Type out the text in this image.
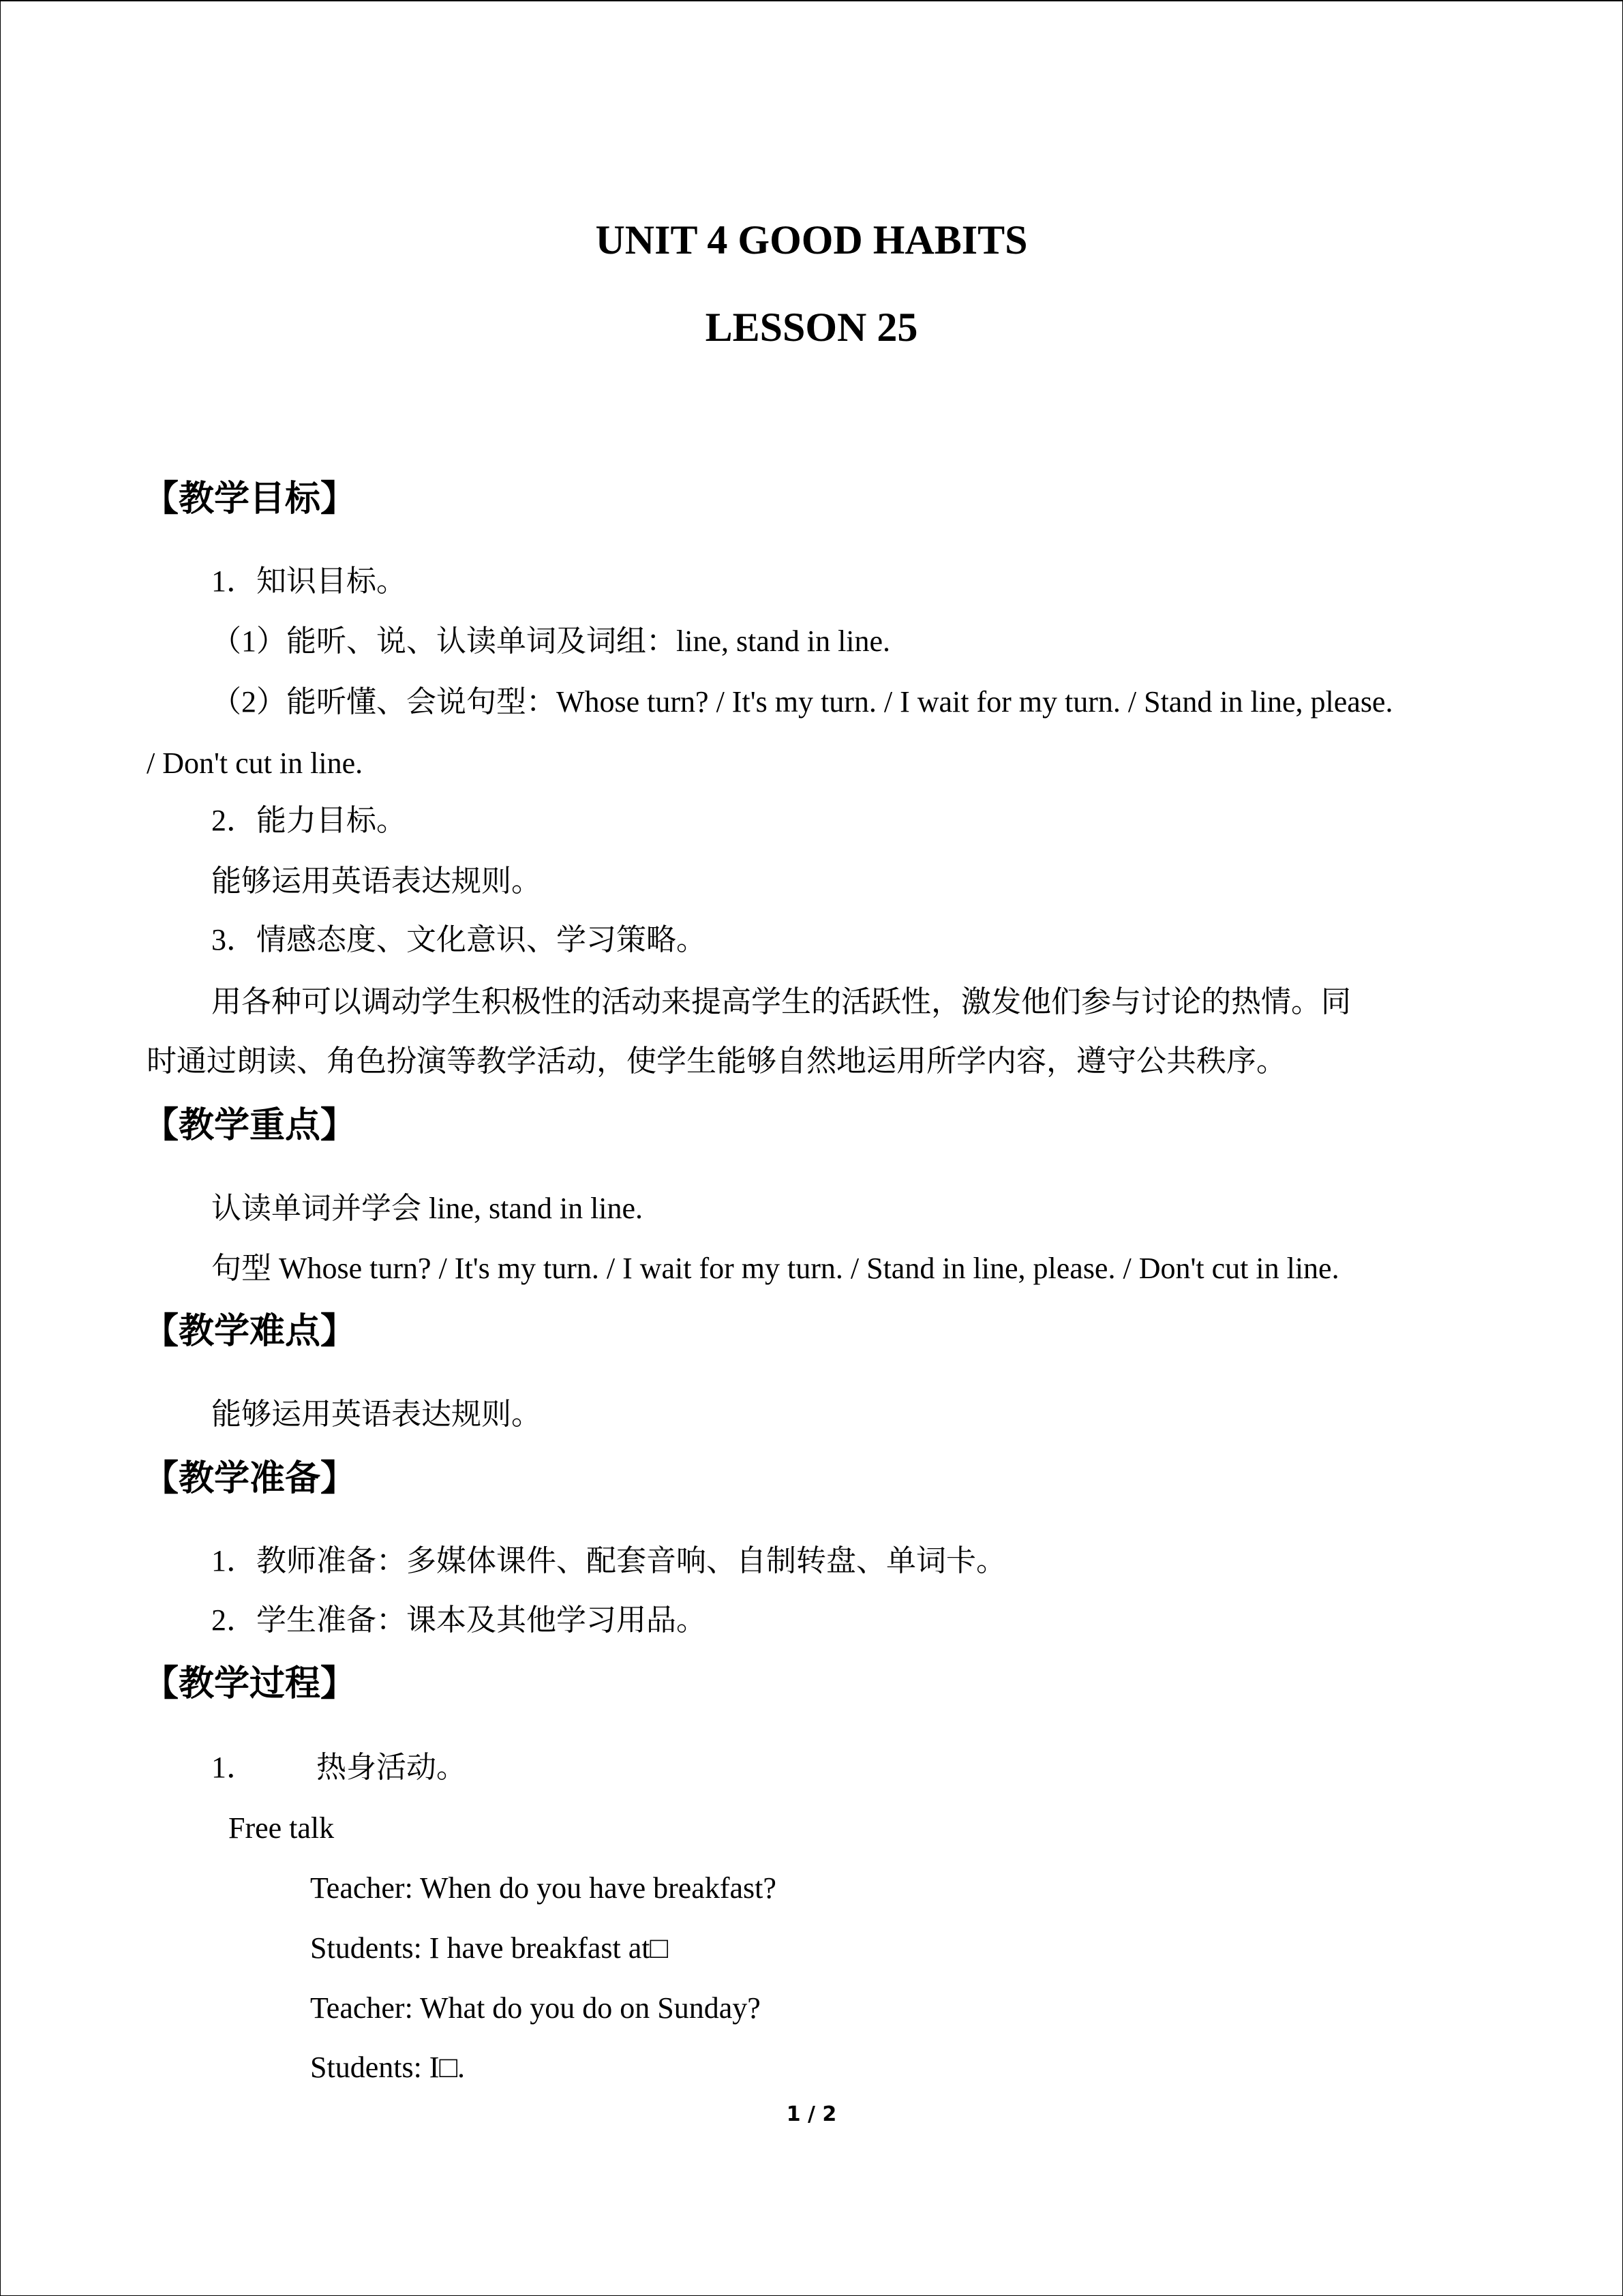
UNIT 4 GOOD HABITS
LESSON 25
【教学目标】

1．知识目标。

（1）能听、说、认读单词及词组：line, stand in line.

（2）能听懂、会说句型：Whose turn? / It's my turn. / I wait for my turn. / Stand in line, please.

/ Don't cut in line.

2．能力目标。

能够运用英语表达规则。

3．情感态度、文化意识、学习策略。

用各种可以调动学生积极性的活动来提高学生的活跃性，激发他们参与讨论的热情。同

时通过朗读、角色扮演等教学活动，使学生能够自然地运用所学内容，遵守公共秩序。

【教学重点】

认读单词并学会 line, stand in line.

句型 Whose turn? / It's my turn. / I wait for my turn. / Stand in line, please. / Don't cut in line.

【教学难点】

能够运用英语表达规则。

【教学准备】

1．教师准备：多媒体课件、配套音响、自制转盘、单词卡。

2．学生准备：课本及其他学习用品。

【教学过程】

1． 热身活动。

Free talk

Teacher: When do you have breakfast?

Students: I have breakfast at□

Teacher: What do you do on Sunday?

Students: I□.

1 / 2
